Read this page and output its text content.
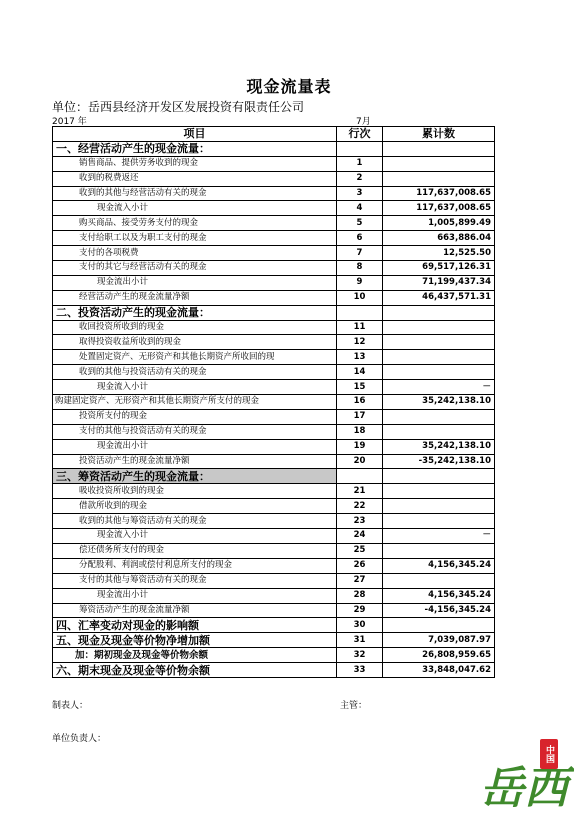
现金流量表
单位：岳西县经济开发区发展投资有限责任公司
2017 年	7月
项目	行次	累计数
一、经营活动产生的现金流量：		
销售商品、提供劳务收到的现金	1	
收到的税费返还	2	
收到的其他与经营活动有关的现金	3	117,637,008.65
现金流入小计	4	117,637,008.65
购买商品、接受劳务支付的现金	5	1,005,899.49
支付给职工以及为职工支付的现金	6	663,886.04
支付的各项税费	7	12,525.50
支付的其它与经营活动有关的现金	8	69,517,126.31
现金流出小计	9	71,199,437.34
经营活动产生的现金流量净额	10	46,437,571.31
二、投资活动产生的现金流量：		
收回投资所收到的现金	11	
取得投资收益所收到的现金	12	
处置固定资产、无形资产和其他长期资产所收回的现	13	
收到的其他与投资活动有关的现金	14	
现金流入小计	15	－
购建固定资产、无形资产和其他长期资产所支付的现金	16	35,242,138.10
投资所支付的现金	17	
支付的其他与投资活动有关的现金	18	
现金流出小计	19	35,242,138.10
投资活动产生的现金流量净额	20	-35,242,138.10
三、筹资活动产生的现金流量：		
吸收投资所收到的现金	21	
借款所收到的现金	22	
收到的其他与筹资活动有关的现金	23	
现金流入小计	24	－
偿还债务所支付的现金	25	
分配股利、利润或偿付利息所支付的现金	26	4,156,345.24
支付的其他与筹资活动有关的现金	27	
现金流出小计	28	4,156,345.24
筹资活动产生的现金流量净额	29	-4,156,345.24
四、汇率变动对现金的影响额	30	
五、现金及现金等价物净增加额	31	7,039,087.97
加：期初现金及现金等价物余额	32	26,808,959.65
六、期末现金及现金等价物余额	33	33,848,047.62
制表人：	主管：
单位负责人：
中国
岳西
